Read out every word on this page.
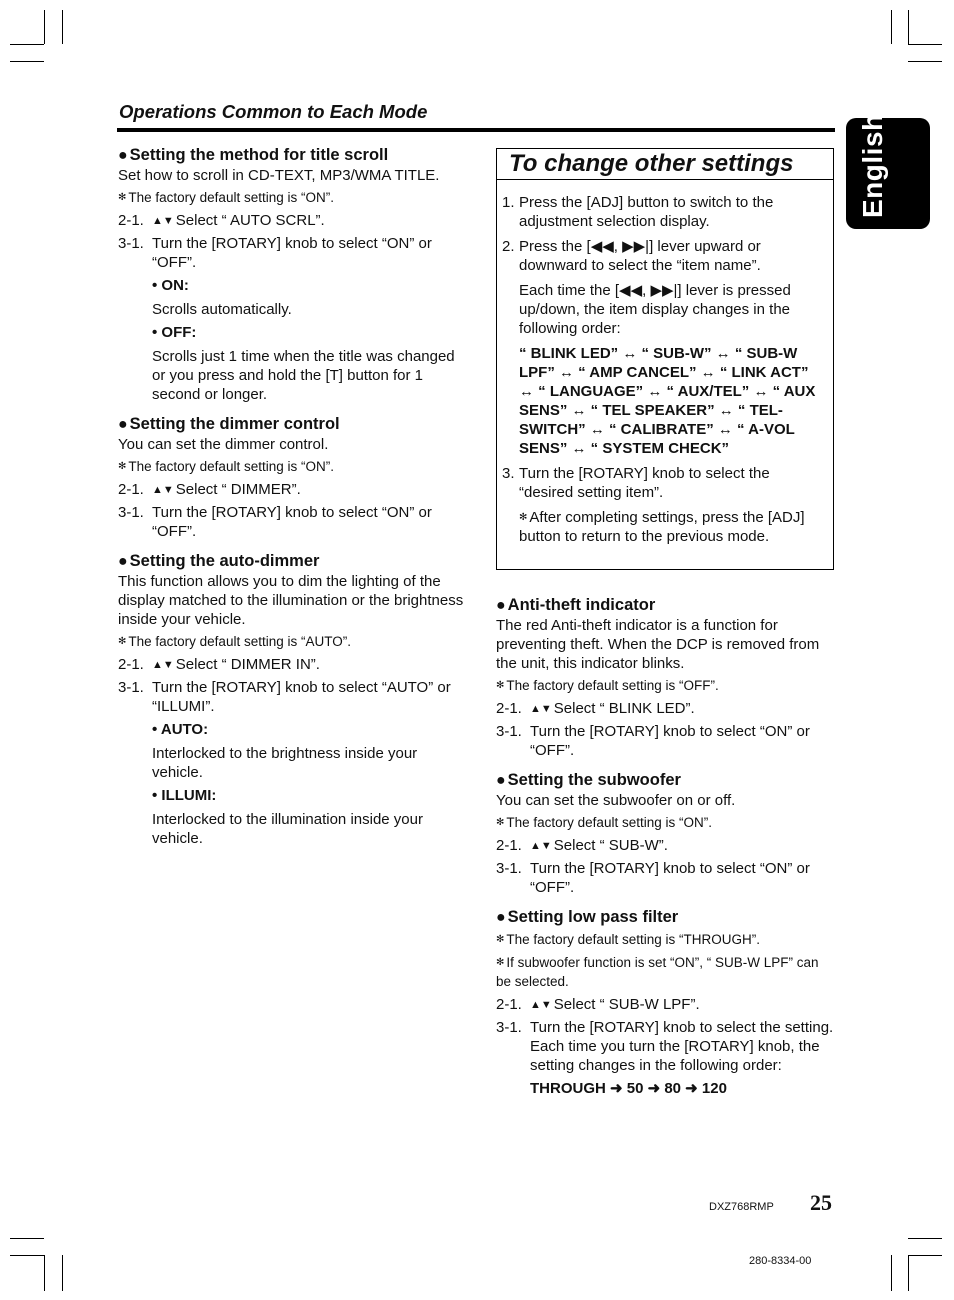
Operations Common to Each Mode
English
● Setting the method for title scroll
Set how to scroll in CD-TEXT, MP3/WMA TITLE.
✻ The factory default setting is “ON”.
2-1. ▲▼ Select “ AUTO SCRL”.
3-1. Turn the [ROTARY] knob to select “ON” or “OFF”.
• ON:
Scrolls automatically.
• OFF:
Scrolls just 1 time when the title was changed or you press and hold the [T] button for 1 second or longer.
● Setting the dimmer control
You can set the dimmer control.
✻ The factory default setting is “ON”.
2-1. ▲▼ Select “ DIMMER”.
3-1. Turn the [ROTARY] knob to select “ON” or “OFF”.
● Setting the auto-dimmer
This function allows you to dim the lighting of the display matched to the illumination or the brightness inside your vehicle.
✻ The factory default setting is “AUTO”.
2-1. ▲▼ Select “ DIMMER IN”.
3-1. Turn the [ROTARY] knob to select “AUTO” or “ILLUMI”.
• AUTO:
Interlocked to the brightness inside your vehicle.
• ILLUMI:
Interlocked to the illumination inside your vehicle.
To change other settings
1. Press the [ADJ] button to switch to the adjustment selection display.
2. Press the [◀◀, ▶▶|] lever upward or downward to select the “item name”.
Each time the [◀◀, ▶▶|] lever is pressed up/down, the item display changes in the following order:
“ BLINK LED” ↔ “ SUB-W” ↔ “ SUB-W LPF” ↔ “ AMP CANCEL” ↔ “ LINK ACT” ↔ “ LANGUAGE” ↔ “ AUX/TEL” ↔ “ AUX SENS” ↔ “ TEL SPEAKER” ↔ “ TEL-SWITCH” ↔ “ CALIBRATE” ↔ “ A-VOL SENS” ↔ “ SYSTEM CHECK”
3. Turn the [ROTARY] knob to select the “desired setting item”.
✻ After completing settings, press the [ADJ] button to return to the previous mode.
● Anti-theft indicator
The red Anti-theft indicator is a function for preventing theft. When the DCP is removed from the unit, this indicator blinks.
✻ The factory default setting is “OFF”.
2-1. ▲▼ Select “ BLINK LED”.
3-1. Turn the [ROTARY] knob to select “ON” or “OFF”.
● Setting the subwoofer
You can set the subwoofer on or off.
✻ The factory default setting is “ON”.
2-1. ▲▼ Select “ SUB-W”.
3-1. Turn the [ROTARY] knob to select “ON” or “OFF”.
● Setting low pass filter
✻ The factory default setting is “THROUGH”.
✻ If subwoofer function is set “ON”, “ SUB-W LPF” can be selected.
2-1. ▲▼ Select “ SUB-W LPF”.
3-1. Turn the [ROTARY] knob to select the setting. Each time you turn the [ROTARY] knob, the setting changes in the following order:
THROUGH ➜ 50 ➜ 80 ➜ 120
DXZ768RMP 25
280-8334-00
